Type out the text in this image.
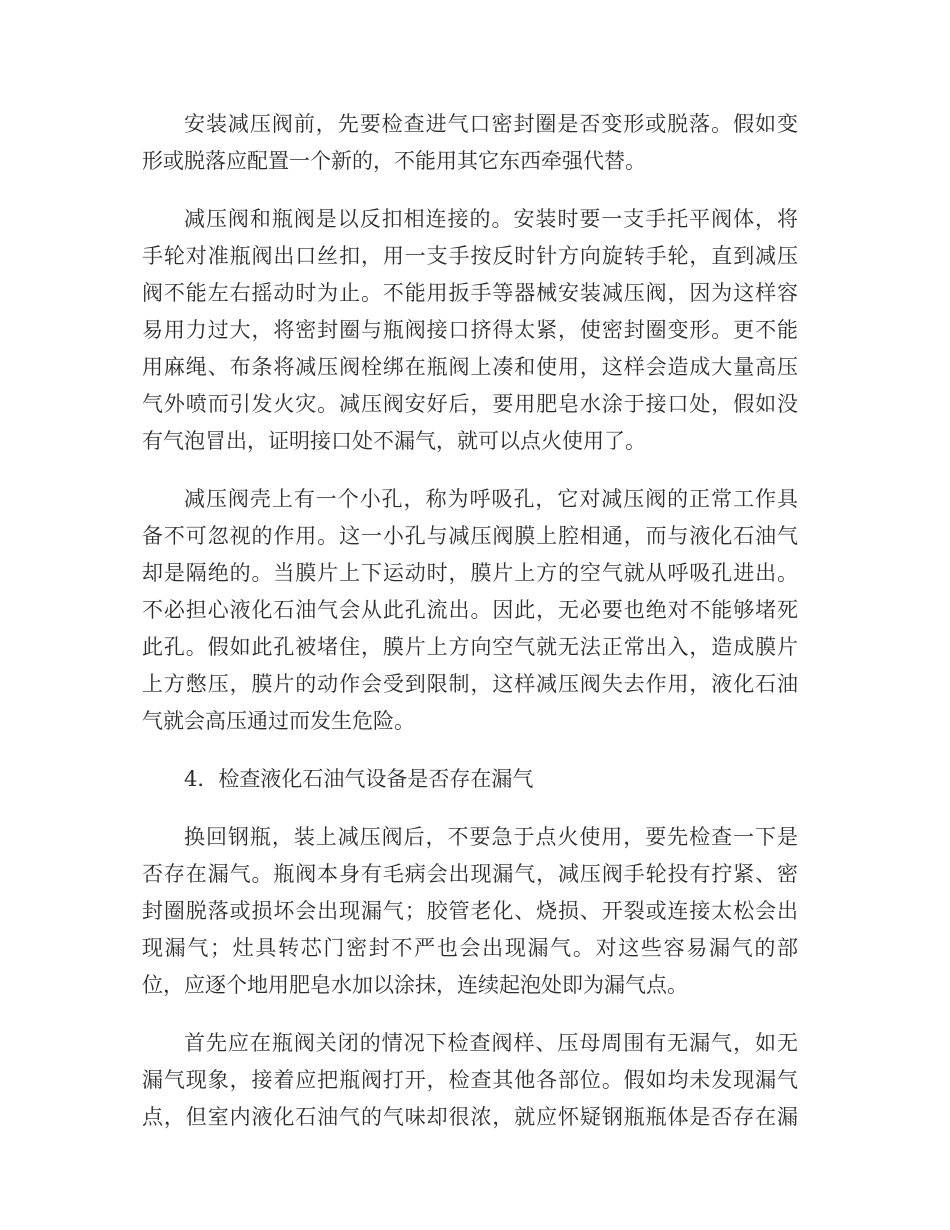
安装减压阀前，先要检查进气口密封圈是否变形或脱落。假如变
形或脱落应配置一个新的，不能用其它东西牵强代替。
减压阀和瓶阀是以反扣相连接的。安装时要一支手托平阀体，将
手轮对准瓶阀出口丝扣，用一支手按反时针方向旋转手轮，直到减压
阀不能左右摇动时为止。不能用扳手等器械安装减压阀，因为这样容
易用力过大，将密封圈与瓶阀接口挤得太紧，使密封圈变形。更不能
用麻绳、布条将减压阀栓绑在瓶阀上凑和使用，这样会造成大量高压
气外喷而引发火灾。减压阀安好后，要用肥皂水涂于接口处，假如没
有气泡冒出，证明接口处不漏气，就可以点火使用了。
减压阀壳上有一个小孔，称为呼吸孔，它对减压阀的正常工作具
备不可忽视的作用。这一小孔与减压阀膜上腔相通，而与液化石油气
却是隔绝的。当膜片上下运动时，膜片上方的空气就从呼吸孔进出。
不必担心液化石油气会从此孔流出。因此，无必要也绝对不能够堵死
此孔。假如此孔被堵住，膜片上方向空气就无法正常出入，造成膜片
上方憋压，膜片的动作会受到限制，这样减压阀失去作用，液化石油
气就会高压通过而发生危险。
4．检查液化石油气设备是否存在漏气
换回钢瓶，装上减压阀后，不要急于点火使用，要先检查一下是
否存在漏气。瓶阀本身有毛病会出现漏气，减压阀手轮投有拧紧、密
封圈脱落或损坏会出现漏气；胶管老化、烧损、开裂或连接太松会出
现漏气；灶具转芯门密封不严也会出现漏气。对这些容易漏气的部
位，应逐个地用肥皂水加以涂抹，连续起泡处即为漏气点。
首先应在瓶阀关闭的情况下检查阀样、压母周围有无漏气，如无
漏气现象，接着应把瓶阀打开，检查其他各部位。假如均未发现漏气
点，但室内液化石油气的气味却很浓，就应怀疑钢瓶瓶体是否存在漏
